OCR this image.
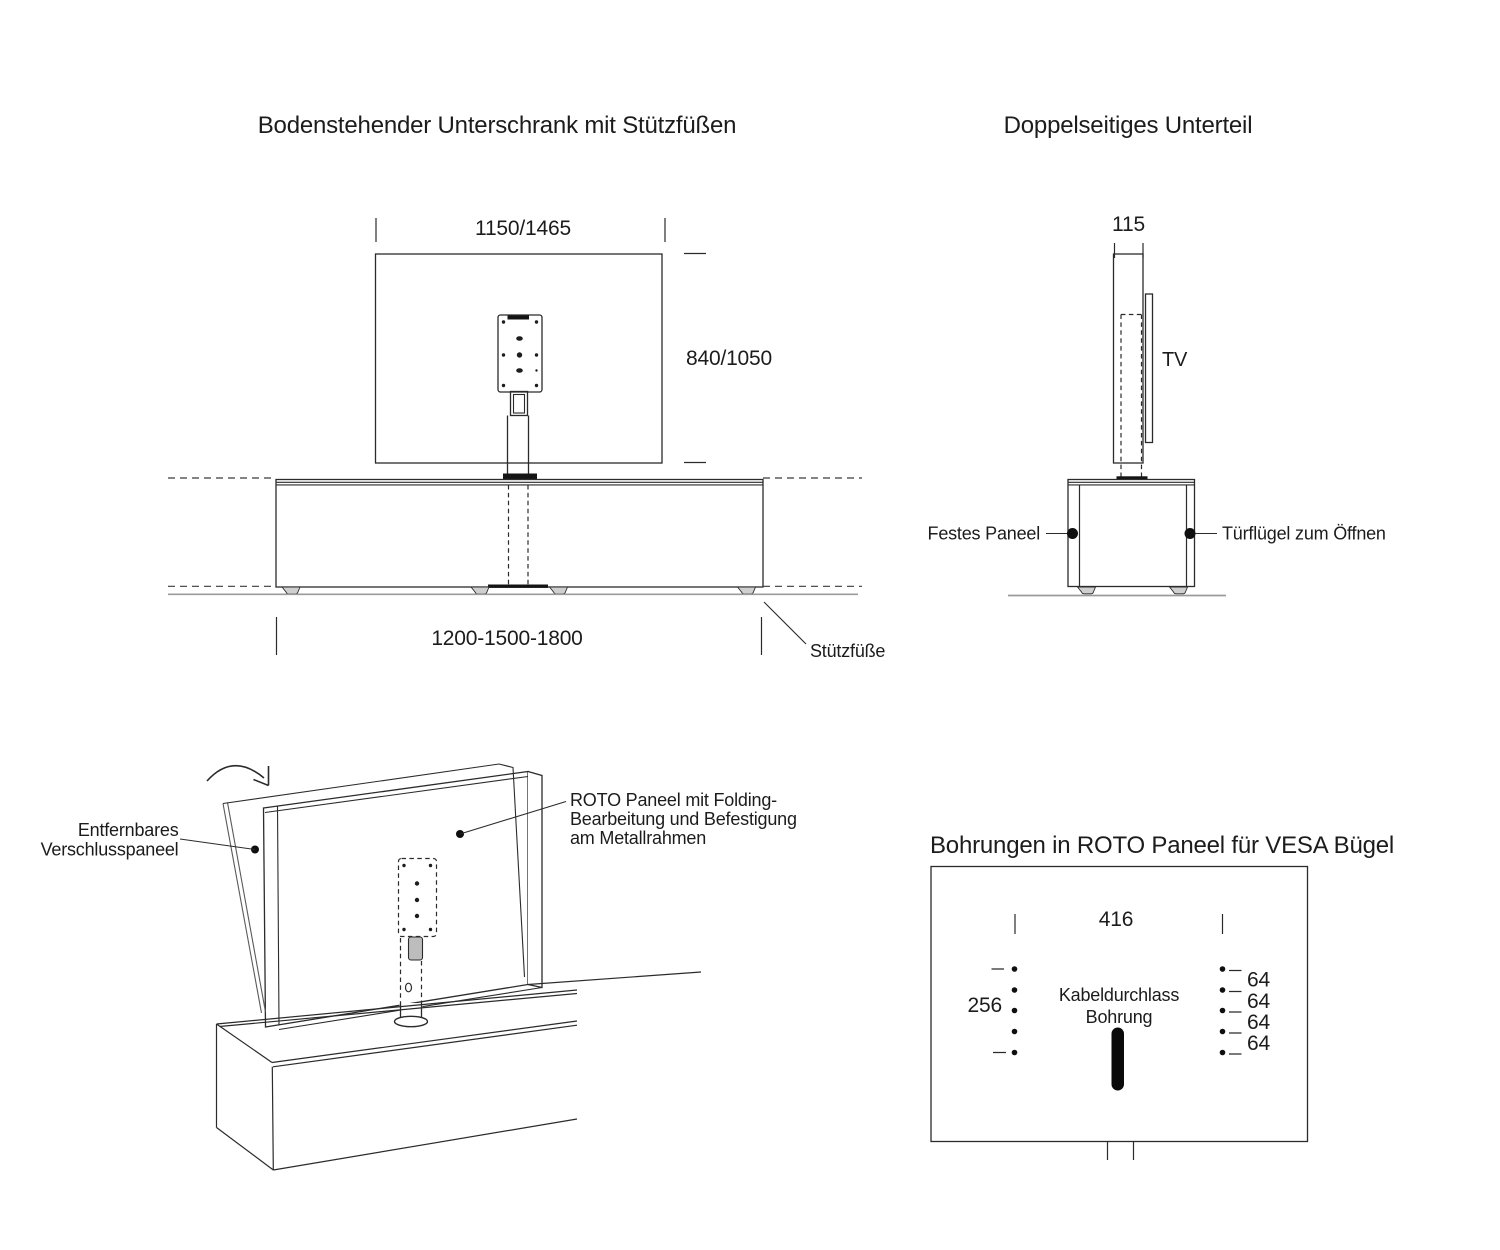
Bodenstehender Unterschrank mit Stützfüßen
1150/1465
840/1050
1200-1500-1800
Stützfüße
Doppelseitiges Unterteil
115
TV
Festes Paneel	Türflügel zum Öffnen
Entfernbares
Verschlusspaneel
ROTO Paneel mit Folding-
Bearbeitung und Befestigung
am Metallrahmen	Bohrungen in ROTO Paneel für VESA Bügel
416
256	Kabeldurchlass
Bohrung
64
64
64
64
